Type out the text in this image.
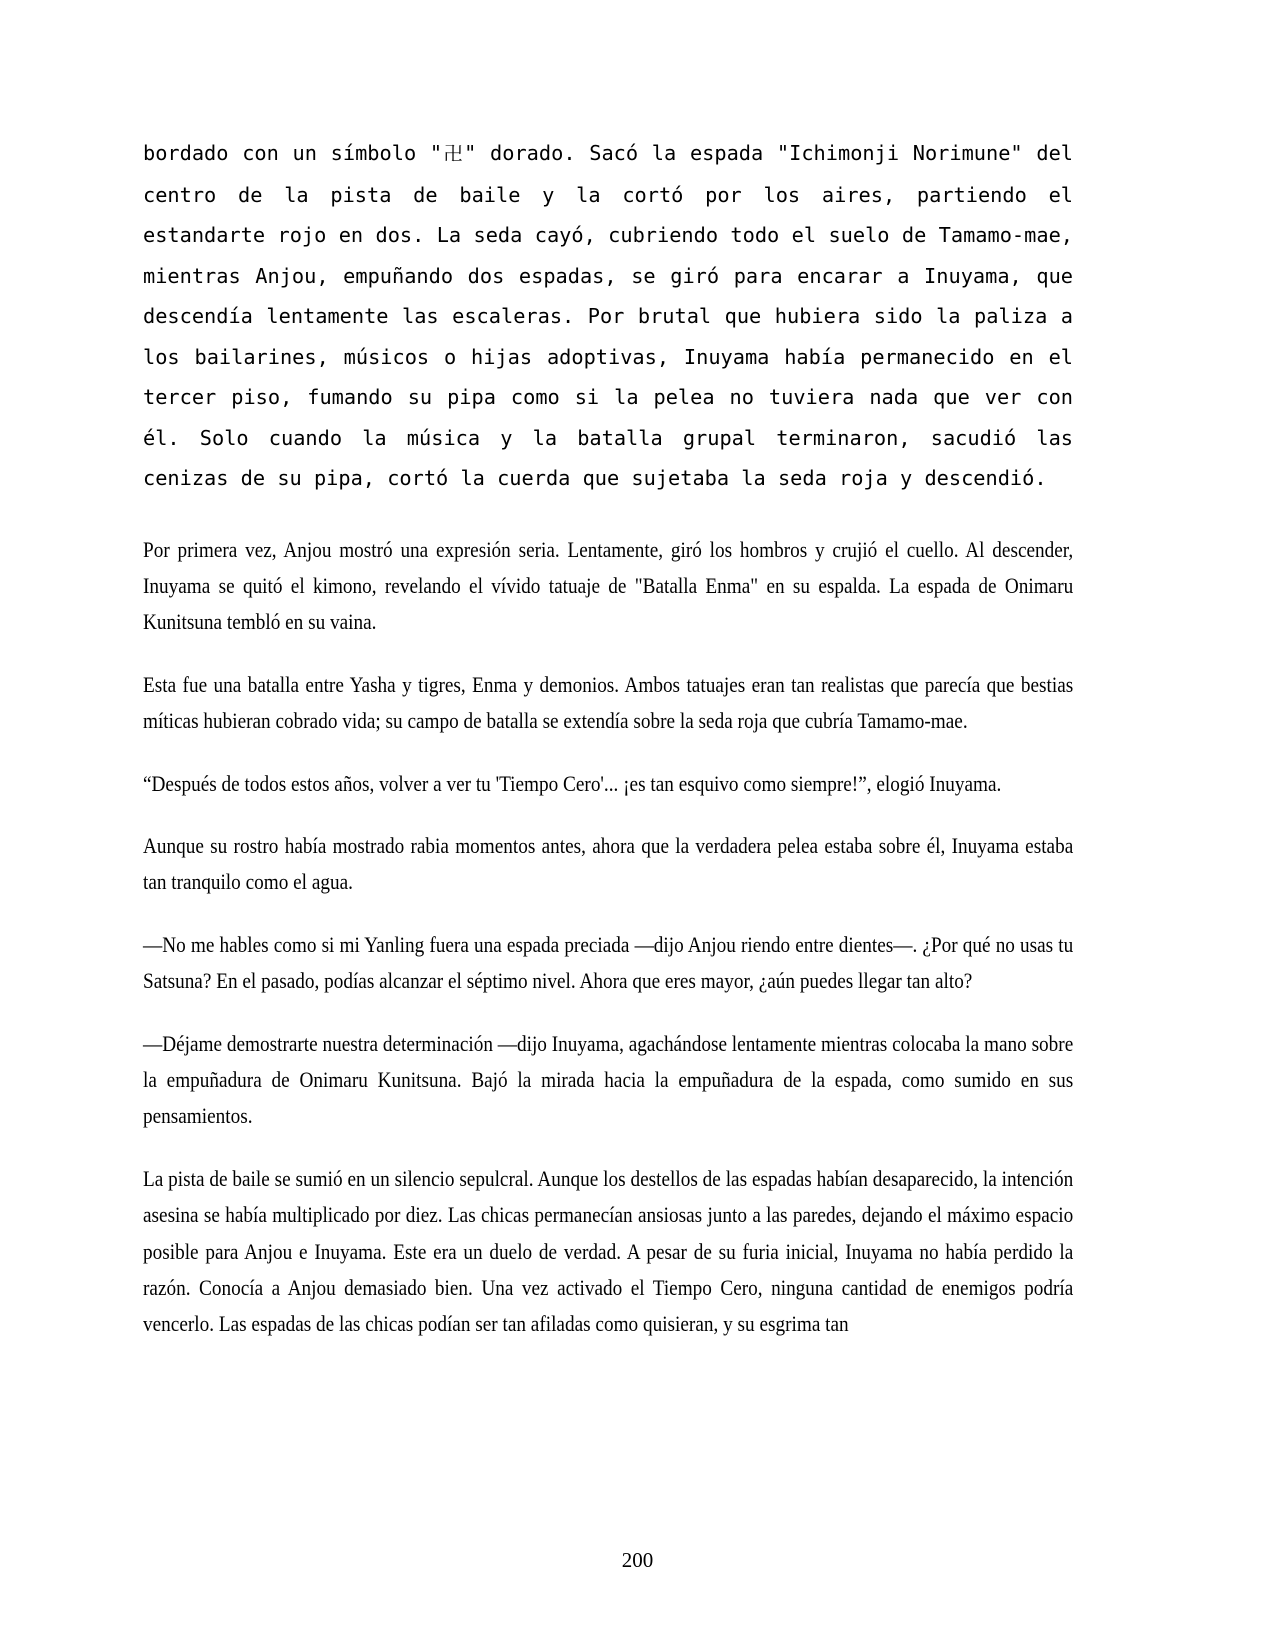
bordado con un símbolo "卍" dorado. Sacó la espada "Ichimonji Norimune" del centro de la pista de baile y la cortó por los aires, partiendo el estandarte rojo en dos. La seda cayó, cubriendo todo el suelo de Tamamo-mae, mientras Anjou, empuñando dos espadas, se giró para encarar a Inuyama, que descendía lentamente las escaleras. Por brutal que hubiera sido la paliza a los bailarines, músicos o hijas adoptivas, Inuyama había permanecido en el tercer piso, fumando su pipa como si la pelea no tuviera nada que ver con él. Solo cuando la música y la batalla grupal terminaron, sacudió las cenizas de su pipa, cortó la cuerda que sujetaba la seda roja y descendió.

Por primera vez, Anjou mostró una expresión seria. Lentamente, giró los hombros y crujió el cuello. Al descender, Inuyama se quitó el kimono, revelando el vívido tatuaje de "Batalla Enma" en su espalda. La espada de Onimaru Kunitsuna tembló en su vaina.

Esta fue una batalla entre Yasha y tigres, Enma y demonios. Ambos tatuajes eran tan realistas que parecía que bestias míticas hubieran cobrado vida; su campo de batalla se extendía sobre la seda roja que cubría Tamamo-mae.

“Después de todos estos años, volver a ver tu 'Tiempo Cero'... ¡es tan esquivo como siempre!”, elogió Inuyama.

Aunque su rostro había mostrado rabia momentos antes, ahora que la verdadera pelea estaba sobre él, Inuyama estaba tan tranquilo como el agua.

—No me hables como si mi Yanling fuera una espada preciada —dijo Anjou riendo entre dientes—. ¿Por qué no usas tu Satsuna? En el pasado, podías alcanzar el séptimo nivel. Ahora que eres mayor, ¿aún puedes llegar tan alto?

—Déjame demostrarte nuestra determinación —dijo Inuyama, agachándose lentamente mientras colocaba la mano sobre la empuñadura de Onimaru Kunitsuna. Bajó la mirada hacia la empuñadura de la espada, como sumido en sus pensamientos.

La pista de baile se sumió en un silencio sepulcral. Aunque los destellos de las espadas habían desaparecido, la intención asesina se había multiplicado por diez. Las chicas permanecían ansiosas junto a las paredes, dejando el máximo espacio posible para Anjou e Inuyama. Este era un duelo de verdad. A pesar de su furia inicial, Inuyama no había perdido la razón. Conocía a Anjou demasiado bien. Una vez activado el Tiempo Cero, ninguna cantidad de enemigos podría vencerlo. Las espadas de las chicas podían ser tan afiladas como quisieran, y su esgrima tan

200
